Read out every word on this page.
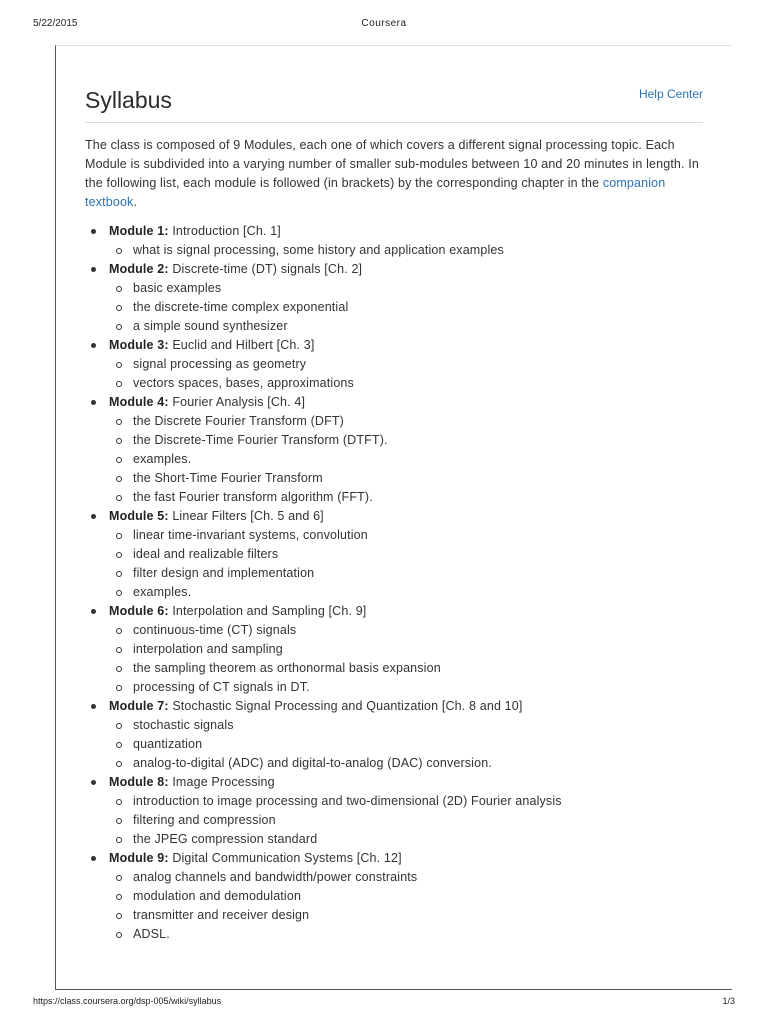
5/22/2015	Coursera
Syllabus	Help Center

The class is composed of 9 Modules, each one of which covers a different signal processing topic. Each Module is subdivided into a varying number of smaller sub-modules between 10 and 20 minutes in length. In the following list, each module is followed (in brackets) by the corresponding chapter in the companion textbook.

Module 1: Introduction [Ch. 1]
what is signal processing, some history and application examples
Module 2: Discrete-time (DT) signals [Ch. 2]
basic examples
the discrete-time complex exponential
a simple sound synthesizer
Module 3: Euclid and Hilbert [Ch. 3]
signal processing as geometry
vectors spaces, bases, approximations
Module 4: Fourier Analysis [Ch. 4]
the Discrete Fourier Transform (DFT)
the Discrete-Time Fourier Transform (DTFT).
examples.
the Short-Time Fourier Transform
the fast Fourier transform algorithm (FFT).
Module 5: Linear Filters [Ch. 5 and 6]
linear time-invariant systems, convolution
ideal and realizable filters
filter design and implementation
examples.
Module 6: Interpolation and Sampling [Ch. 9]
continuous-time (CT) signals
interpolation and sampling
the sampling theorem as orthonormal basis expansion
processing of CT signals in DT.
Module 7: Stochastic Signal Processing and Quantization [Ch. 8 and 10]
stochastic signals
quantization
analog-to-digital (ADC) and digital-to-analog (DAC) conversion.
Module 8: Image Processing
introduction to image processing and two-dimensional (2D) Fourier analysis
filtering and compression
the JPEG compression standard
Module 9: Digital Communication Systems [Ch. 12]
analog channels and bandwidth/power constraints
modulation and demodulation
transmitter and receiver design
ADSL.
https://class.coursera.org/dsp-005/wiki/syllabus	1/3
